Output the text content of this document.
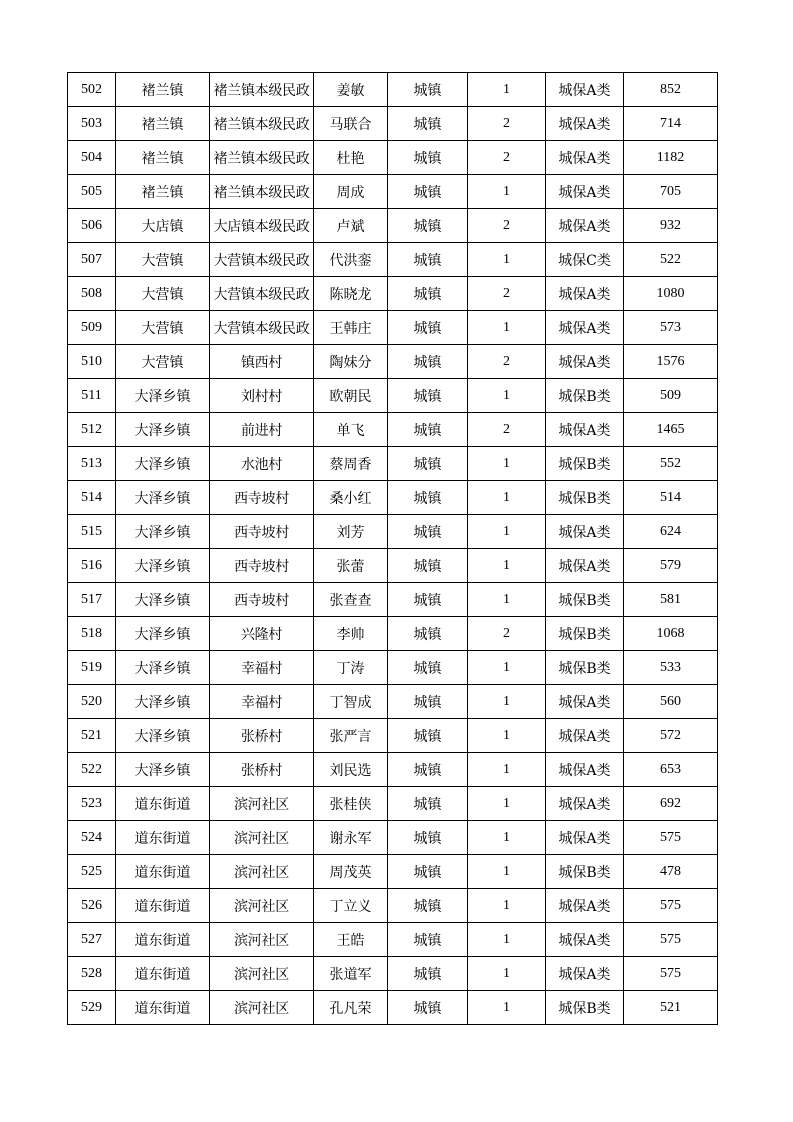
502	褚兰镇	褚兰镇本级民政	姜敏	城镇	1	城保A类	852
503	褚兰镇	褚兰镇本级民政	马联合	城镇	2	城保A类	714
504	褚兰镇	褚兰镇本级民政	杜艳	城镇	2	城保A类	1182
505	褚兰镇	褚兰镇本级民政	周成	城镇	1	城保A类	705
506	大店镇	大店镇本级民政	卢斌	城镇	2	城保A类	932
507	大营镇	大营镇本级民政	代洪銮	城镇	1	城保C类	522
508	大营镇	大营镇本级民政	陈晓龙	城镇	2	城保A类	1080
509	大营镇	大营镇本级民政	王韩庄	城镇	1	城保A类	573
510	大营镇	镇西村	陶妹分	城镇	2	城保A类	1576
511	大泽乡镇	刘村村	欧朝民	城镇	1	城保B类	509
512	大泽乡镇	前进村	单飞	城镇	2	城保A类	1465
513	大泽乡镇	水池村	蔡周香	城镇	1	城保B类	552
514	大泽乡镇	西寺坡村	桑小红	城镇	1	城保B类	514
515	大泽乡镇	西寺坡村	刘芳	城镇	1	城保A类	624
516	大泽乡镇	西寺坡村	张蕾	城镇	1	城保A类	579
517	大泽乡镇	西寺坡村	张查查	城镇	1	城保B类	581
518	大泽乡镇	兴隆村	李帅	城镇	2	城保B类	1068
519	大泽乡镇	幸福村	丁涛	城镇	1	城保B类	533
520	大泽乡镇	幸福村	丁智成	城镇	1	城保A类	560
521	大泽乡镇	张桥村	张严言	城镇	1	城保A类	572
522	大泽乡镇	张桥村	刘民选	城镇	1	城保A类	653
523	道东街道	滨河社区	张桂侠	城镇	1	城保A类	692
524	道东街道	滨河社区	谢永军	城镇	1	城保A类	575
525	道东街道	滨河社区	周茂英	城镇	1	城保B类	478
526	道东街道	滨河社区	丁立义	城镇	1	城保A类	575
527	道东街道	滨河社区	王皓	城镇	1	城保A类	575
528	道东街道	滨河社区	张道军	城镇	1	城保A类	575
529	道东街道	滨河社区	孔凡荣	城镇	1	城保B类	521
